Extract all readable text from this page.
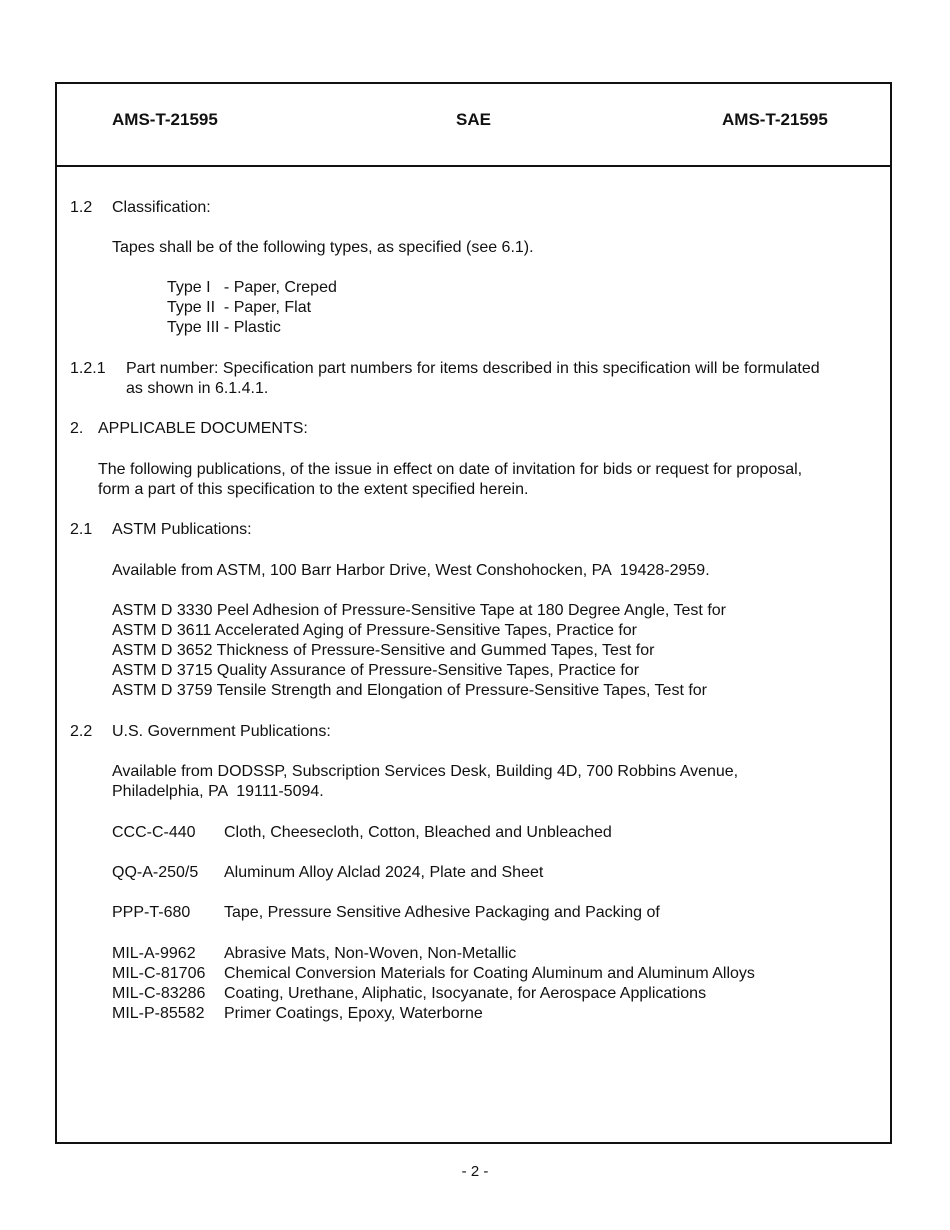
AMS-T-21595	SAE	AMS-T-21595
1.2 Classification:
Tapes shall be of the following types, as specified (see 6.1).
Type I   - Paper, Creped
Type II  - Paper, Flat
Type III - Plastic
1.2.1 Part number: Specification part numbers for items described in this specification will be formulated
as shown in 6.1.4.1.
2. APPLICABLE DOCUMENTS:
The following publications, of the issue in effect on date of invitation for bids or request for proposal,
form a part of this specification to the extent specified herein.
2.1 ASTM Publications:
Available from ASTM, 100 Barr Harbor Drive, West Conshohocken, PA  19428-2959.
ASTM D 3330 Peel Adhesion of Pressure-Sensitive Tape at 180 Degree Angle, Test for
ASTM D 3611 Accelerated Aging of Pressure-Sensitive Tapes, Practice for
ASTM D 3652 Thickness of Pressure-Sensitive and Gummed Tapes, Test for
ASTM D 3715 Quality Assurance of Pressure-Sensitive Tapes, Practice for
ASTM D 3759 Tensile Strength and Elongation of Pressure-Sensitive Tapes, Test for
2.2 U.S. Government Publications:
Available from DODSSP, Subscription Services Desk, Building 4D, 700 Robbins Avenue,
Philadelphia, PA  19111-5094.
CCC-C-440 Cloth, Cheesecloth, Cotton, Bleached and Unbleached
QQ-A-250/5 Aluminum Alloy Alclad 2024, Plate and Sheet
PPP-T-680 Tape, Pressure Sensitive Adhesive Packaging and Packing of
MIL-A-9962 Abrasive Mats, Non-Woven, Non-Metallic
MIL-C-81706 Chemical Conversion Materials for Coating Aluminum and Aluminum Alloys
MIL-C-83286 Coating, Urethane, Aliphatic, Isocyanate, for Aerospace Applications
MIL-P-85582 Primer Coatings, Epoxy, Waterborne
- 2 -
